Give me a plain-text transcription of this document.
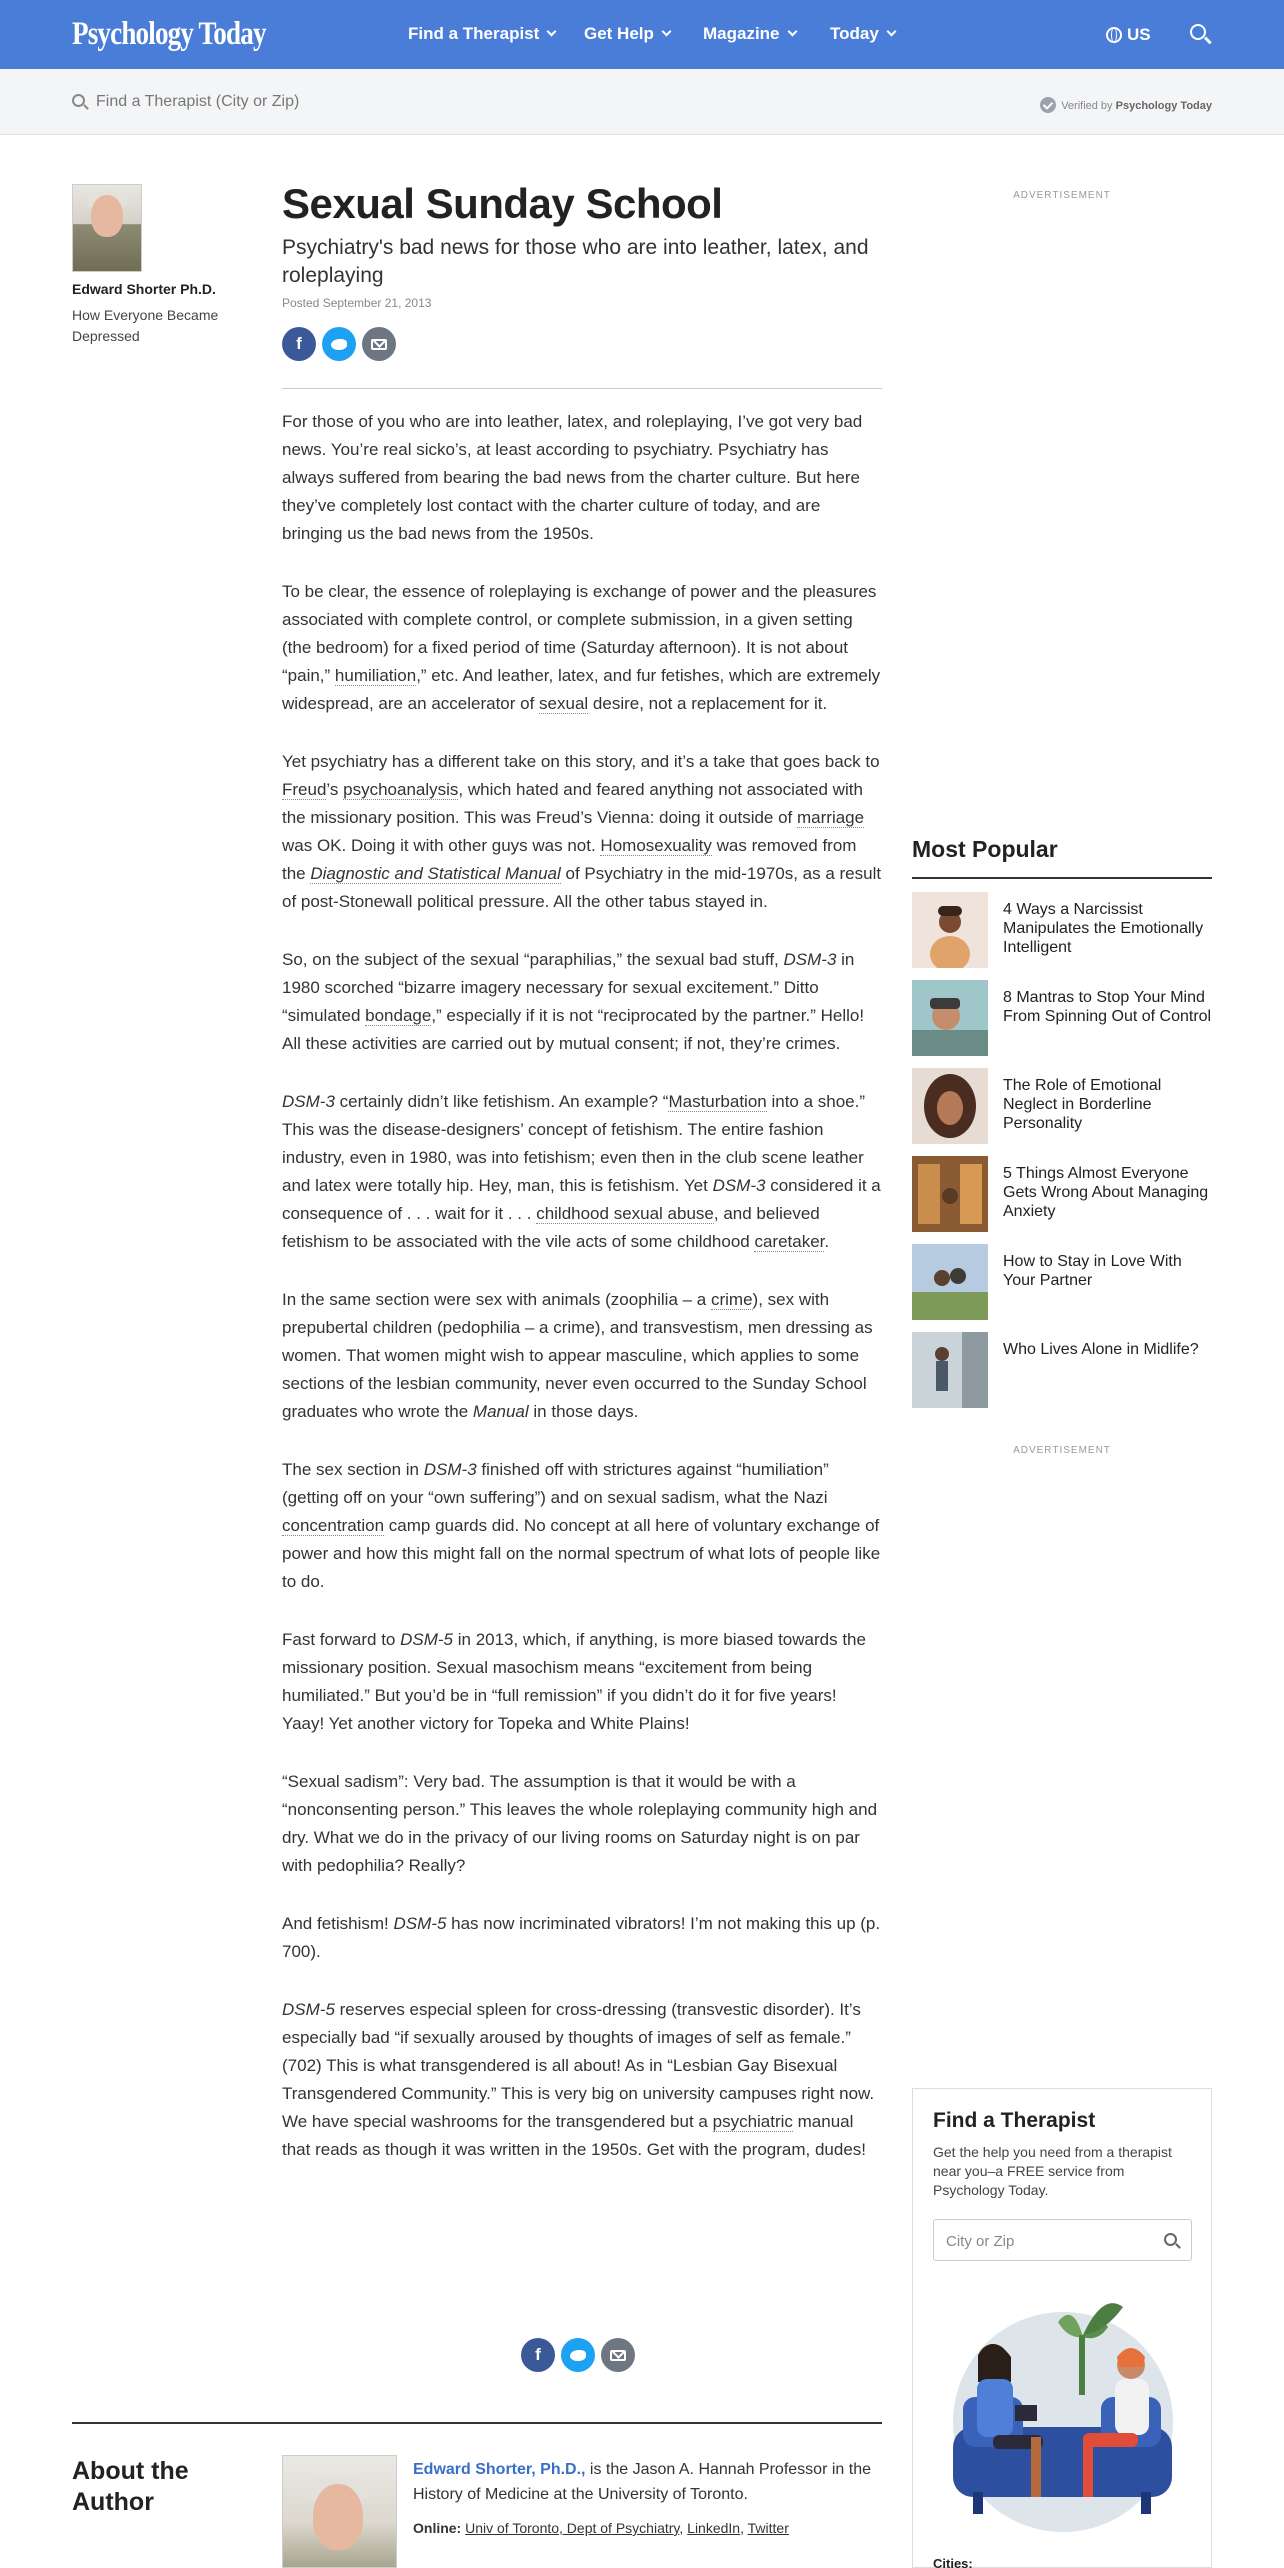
Psychology Today	Find a Therapist	Get Help	Magazine	Today	US
Find a Therapist (City or Zip)
Verified by Psychology Today
Edward Shorter Ph.D.
How Everyone Became Depressed
Sexual Sunday School
Psychiatry's bad news for those who are into leather, latex, and roleplaying
Posted September 21, 2013
f

For those of you who are into leather, latex, and roleplaying, I’ve got very bad news. You’re real sicko’s, at least according to psychiatry. Psychiatry has always suffered from bearing the bad news from the charter culture. But here they’ve completely lost contact with the charter culture of today, and are bringing us the bad news from the 1950s.

To be clear, the essence of roleplaying is exchange of power and the pleasures associated with complete control, or complete submission, in a given setting (the bedroom) for a fixed period of time (Saturday afternoon). It is not about “pain,” humiliation,” etc. And leather, latex, and fur fetishes, which are extremely widespread, are an accelerator of sexual desire, not a replacement for it.

Yet psychiatry has a different take on this story, and it’s a take that goes back to Freud’s psychoanalysis, which hated and feared anything not associated with the missionary position. This was Freud’s Vienna: doing it outside of marriage was OK. Doing it with other guys was not. Homosexuality was removed from the Diagnostic and Statistical Manual of Psychiatry in the mid-1970s, as a result of post-Stonewall political pressure. All the other tabus stayed in.

So, on the subject of the sexual “paraphilias,” the sexual bad stuff, DSM-3 in 1980 scorched “bizarre imagery necessary for sexual excitement.” Ditto “simulated bondage,” especially if it is not “reciprocated by the partner.” Hello! All these activities are carried out by mutual consent; if not, they’re crimes.

DSM-3 certainly didn’t like fetishism. An example? “Masturbation into a shoe.” This was the disease-designers’ concept of fetishism. The entire fashion industry, even in 1980, was into fetishism; even then in the club scene leather and latex were totally hip. Hey, man, this is fetishism. Yet DSM-3 considered it a consequence of . . . wait for it . . . childhood sexual abuse, and believed fetishism to be associated with the vile acts of some childhood caretaker.

In the same section were sex with animals (zoophilia – a crime), sex with prepubertal children (pedophilia – a crime), and transvestism, men dressing as women. That women might wish to appear masculine, which applies to some sections of the lesbian community, never even occurred to the Sunday School graduates who wrote the Manual in those days.

The sex section in DSM-3 finished off with strictures against “humiliation” (getting off on your “own suffering”) and on sexual sadism, what the Nazi concentration camp guards did. No concept at all here of voluntary exchange of power and how this might fall on the normal spectrum of what lots of people like to do.

Fast forward to DSM-5 in 2013, which, if anything, is more biased towards the missionary position. Sexual masochism means “excitement from being humiliated.” But you’d be in “full remission” if you didn’t do it for five years! Yaay! Yet another victory for Topeka and White Plains!

“Sexual sadism”: Very bad. The assumption is that it would be with a “nonconsenting person.” This leaves the whole roleplaying community high and dry. What we do in the privacy of our living rooms on Saturday night is on par with pedophilia? Really?

And fetishism! DSM-5 has now incriminated vibrators! I’m not making this up (p. 700).

DSM-5 reserves especial spleen for cross-dressing (transvestic disorder). It’s especially bad “if sexually aroused by thoughts of images of self as female.” (702) This is what transgendered is all about! As in “Lesbian Gay Bisexual Transgendered Community.” This is very big on university campuses right now. We have special washrooms for the transgendered but a psychiatric manual that reads as though it was written in the 1950s. Get with the program, dudes!

f
About the Author
Edward Shorter, Ph.D., is the Jason A. Hannah Professor in the History of Medicine at the University of Toronto.
Online: Univ of Toronto, Dept of Psychiatry, LinkedIn, Twitter
ADVERTISEMENT
Most Popular
4 Ways a Narcissist Manipulates the Emotionally Intelligent
8 Mantras to Stop Your Mind From Spinning Out of Control
The Role of Emotional Neglect in Borderline Personality
5 Things Almost Everyone Gets Wrong About Managing Anxiety
How to Stay in Love With Your Partner
Who Lives Alone in Midlife?
ADVERTISEMENT
Find a Therapist

Get the help you need from a therapist near you–a FREE service from Psychology Today.

City or Zip
Cities:
